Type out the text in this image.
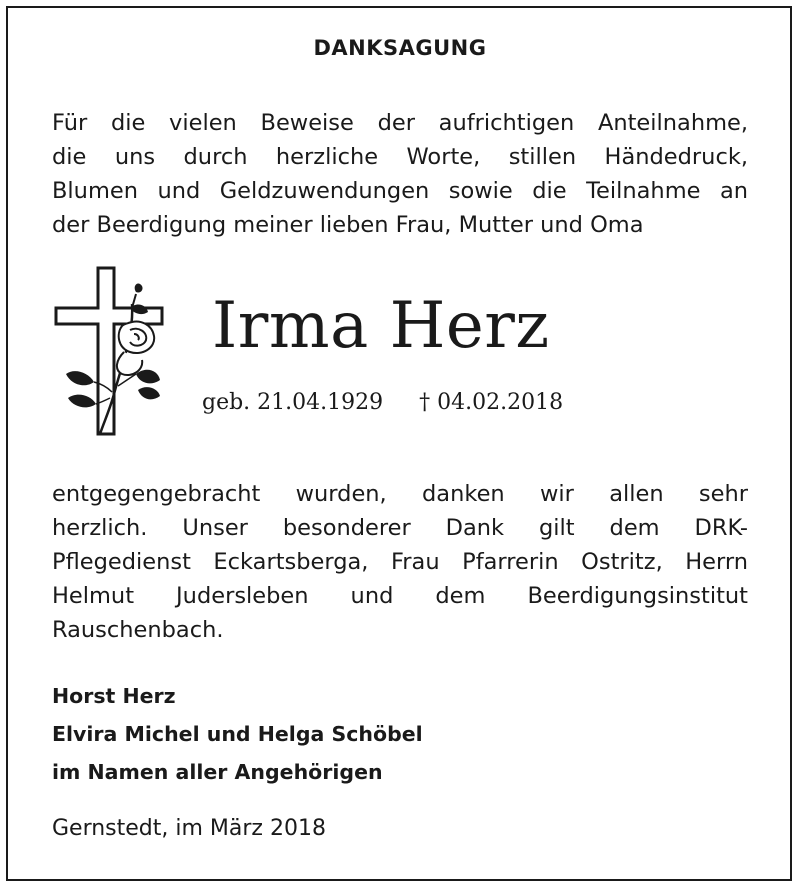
DANKSAGUNG
Für die vielen Beweise der aufrichtigen Anteilnahme,
die uns durch herzliche Worte, stillen Händedruck,
Blumen und Geldzuwendungen sowie die Teilnahme an
der Beerdigung meiner lieben Frau, Mutter und Oma
Irma Herz
geb. 21.04.1929 † 04.02.2018
entgegengebracht wurden, danken wir allen sehr
herzlich. Unser besonderer Dank gilt dem DRK-
Pflegedienst Eckartsberga, Frau Pfarrerin Ostritz, Herrn
Helmut Judersleben und dem Beerdigungsinstitut
Rauschenbach.
Horst Herz
Elvira Michel und Helga Schöbel
im Namen aller Angehörigen
Gernstedt, im März 2018
